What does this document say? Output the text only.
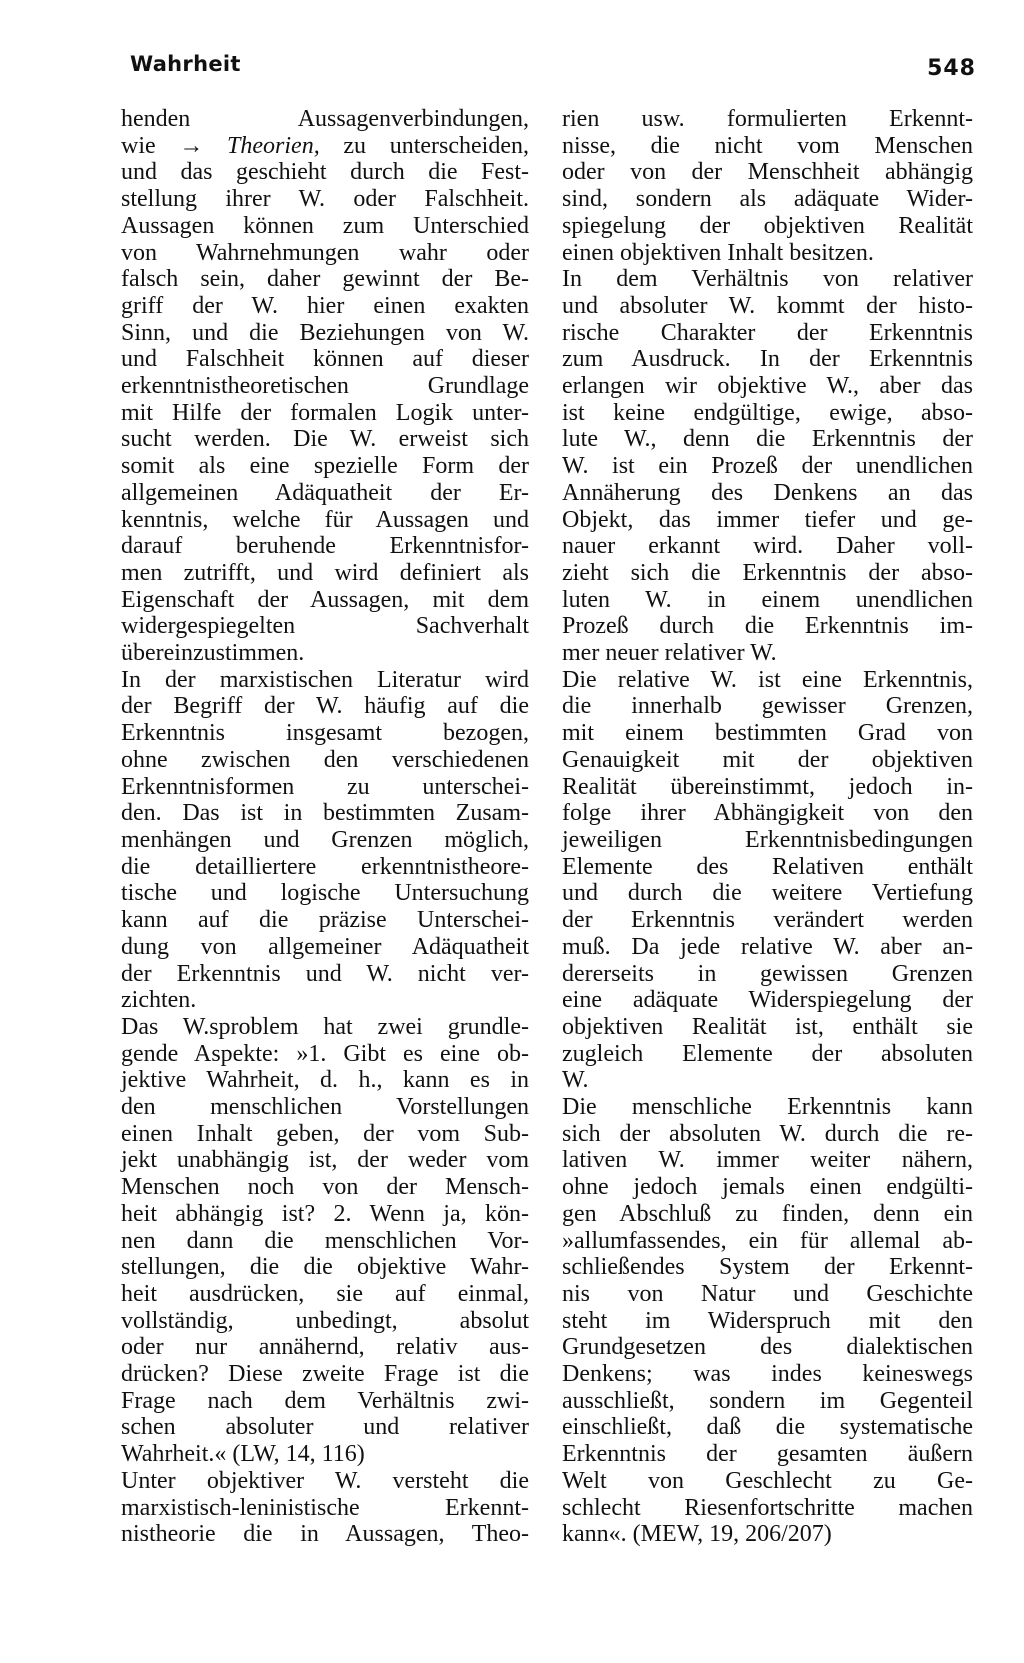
Wahrheit	548
henden Aussagenverbindungen,
wie → Theorien, zu unterscheiden,
und das geschieht durch die Fest-
stellung ihrer W. oder Falschheit.
Aussagen können zum Unterschied
von Wahrnehmungen wahr oder
falsch sein, daher gewinnt der Be-
griff der W. hier einen exakten
Sinn, und die Beziehungen von W.
und Falschheit können auf dieser
erkenntnistheoretischen Grundlage
mit Hilfe der formalen Logik unter-
sucht werden. Die W. erweist sich
somit als eine spezielle Form der
allgemeinen Adäquatheit der Er-
kenntnis, welche für Aussagen und
darauf beruhende Erkenntnisfor-
men zutrifft, und wird definiert als
Eigenschaft der Aussagen, mit dem
widergespiegelten Sachverhalt
übereinzustimmen.
In der marxistischen Literatur wird
der Begriff der W. häufig auf die
Erkenntnis insgesamt bezogen,
ohne zwischen den verschiedenen
Erkenntnisformen zu unterschei-
den. Das ist in bestimmten Zusam-
menhängen und Grenzen möglich,
die detailliertere erkenntnistheore-
tische und logische Untersuchung
kann auf die präzise Unterschei-
dung von allgemeiner Adäquatheit
der Erkenntnis und W. nicht ver-
zichten.
Das W.sproblem hat zwei grundle-
gende Aspekte: »1. Gibt es eine ob-
jektive Wahrheit, d. h., kann es in
den menschlichen Vorstellungen
einen Inhalt geben, der vom Sub-
jekt unabhängig ist, der weder vom
Menschen noch von der Mensch-
heit abhängig ist? 2. Wenn ja, kön-
nen dann die menschlichen Vor-
stellungen, die die objektive Wahr-
heit ausdrücken, sie auf einmal,
vollständig, unbedingt, absolut
oder nur annähernd, relativ aus-
drücken? Diese zweite Frage ist die
Frage nach dem Verhältnis zwi-
schen absoluter und relativer
Wahrheit.« (LW, 14, 116)
Unter objektiver W. versteht die
marxistisch-leninistische Erkennt-
nistheorie die in Aussagen, Theo-
rien usw. formulierten Erkennt-
nisse, die nicht vom Menschen
oder von der Menschheit abhängig
sind, sondern als adäquate Wider-
spiegelung der objektiven Realität
einen objektiven Inhalt besitzen.
In dem Verhältnis von relativer
und absoluter W. kommt der histo-
rische Charakter der Erkenntnis
zum Ausdruck. In der Erkenntnis
erlangen wir objektive W., aber das
ist keine endgültige, ewige, abso-
lute W., denn die Erkenntnis der
W. ist ein Prozeß der unendlichen
Annäherung des Denkens an das
Objekt, das immer tiefer und ge-
nauer erkannt wird. Daher voll-
zieht sich die Erkenntnis der abso-
luten W. in einem unendlichen
Prozeß durch die Erkenntnis im-
mer neuer relativer W.
Die relative W. ist eine Erkenntnis,
die innerhalb gewisser Grenzen,
mit einem bestimmten Grad von
Genauigkeit mit der objektiven
Realität übereinstimmt, jedoch in-
folge ihrer Abhängigkeit von den
jeweiligen Erkenntnisbedingungen
Elemente des Relativen enthält
und durch die weitere Vertiefung
der Erkenntnis verändert werden
muß. Da jede relative W. aber an-
dererseits in gewissen Grenzen
eine adäquate Widerspiegelung der
objektiven Realität ist, enthält sie
zugleich Elemente der absoluten
W.
Die menschliche Erkenntnis kann
sich der absoluten W. durch die re-
lativen W. immer weiter nähern,
ohne jedoch jemals einen endgülti-
gen Abschluß zu finden, denn ein
»allumfassendes, ein für allemal ab-
schließendes System der Erkennt-
nis von Natur und Geschichte
steht im Widerspruch mit den
Grundgesetzen des dialektischen
Denkens; was indes keineswegs
ausschließt, sondern im Gegenteil
einschließt, daß die systematische
Erkenntnis der gesamten äußern
Welt von Geschlecht zu Ge-
schlecht Riesenfortschritte machen
kann«. (MEW, 19, 206/207)
